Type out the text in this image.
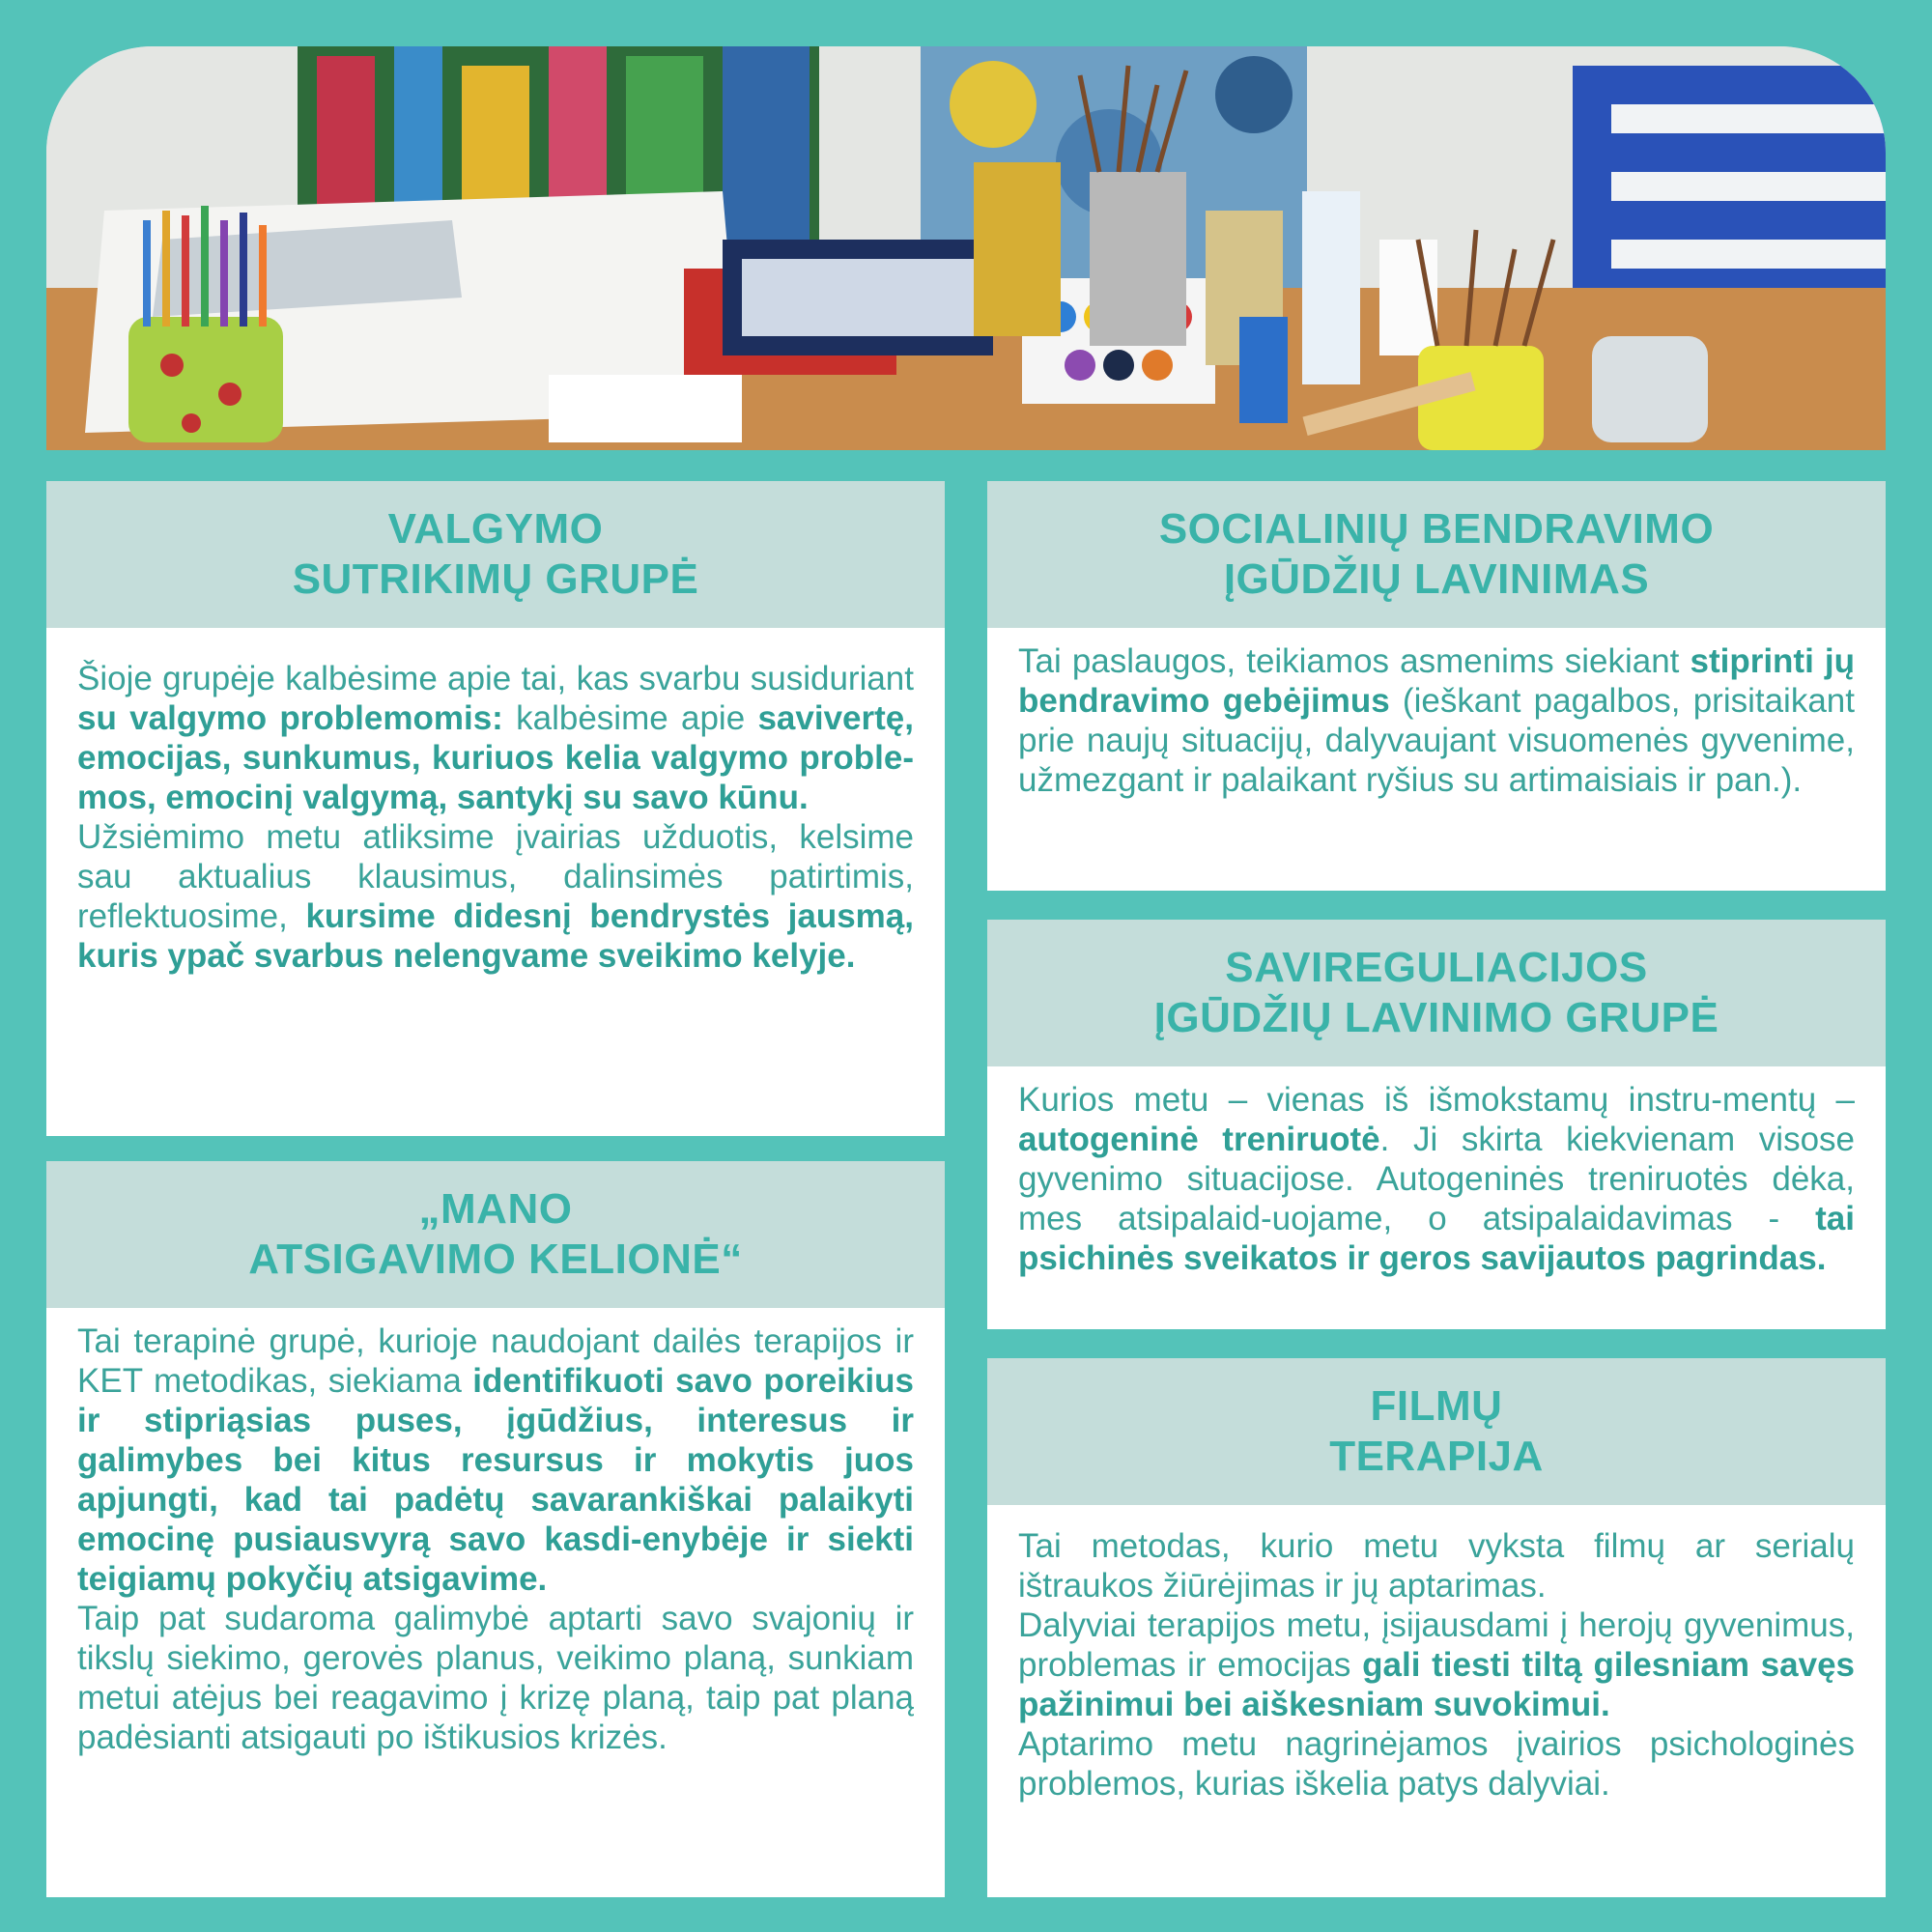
VALGYMO
SUTRIKIMŲ GRUPĖ

Šioje grupėje kalbėsime apie tai, kas svarbu susiduriant su valgymo problemomis: kalbėsime apie savivertę, emocijas, sunkumus, kuriuos kelia valgymo proble-mos, emocinį valgymą, santykį su savo kūnu.

Užsiėmimo metu atliksime įvairias užduotis, kelsime sau aktualius klausimus, dalinsimės patirtimis, reflektuosime, kursime didesnį bendrystės jausmą, kuris ypač svarbus nelengvame sveikimo kelyje.

„MANO
ATSIGAVIMO KELIONĖ“

Tai terapinė grupė, kurioje naudojant dailės terapijos ir KET metodikas, siekiama identifikuoti savo poreikius ir stipriąsias puses, įgūdžius, interesus ir galimybes bei kitus resursus ir mokytis juos apjungti, kad tai padėtų savarankiškai palaikyti emocinę pusiausvyrą savo kasdi-enybėje ir siekti teigiamų pokyčių atsigavime.

Taip pat sudaroma galimybė aptarti savo svajonių ir tikslų siekimo, gerovės planus, veikimo planą, sunkiam metui atėjus bei reagavimo į krizę planą, taip pat planą padėsianti atsigauti po ištikusios krizės.

SOCIALINIŲ BENDRAVIMO
ĮGŪDŽIŲ LAVINIMAS

Tai paslaugos, teikiamos asmenims siekiant stiprinti jų bendravimo gebėjimus (ieškant pagalbos, prisitaikant prie naujų situacijų, dalyvaujant visuomenės gyvenime, užmezgant ir palaikant ryšius su artimaisiais ir pan.).

SAVIREGULIACIJOS
ĮGŪDŽIŲ LAVINIMO GRUPĖ

Kurios metu – vienas iš išmokstamų instru-mentų – autogeninė treniruotė. Ji skirta kiekvienam visose gyvenimo situacijose. Autogeninės treniruotės dėka, mes atsipalaid-uojame, o atsipalaidavimas - tai psichinės sveikatos ir geros savijautos pagrindas.

FILMŲ
TERAPIJA

Tai metodas, kurio metu vyksta filmų ar serialų ištraukos žiūrėjimas ir jų aptarimas.

Dalyviai terapijos metu, įsijausdami į herojų gyvenimus, problemas ir emocijas gali tiesti tiltą gilesniam savęs pažinimui bei aiškesniam suvokimui.

Aptarimo metu nagrinėjamos įvairios psichologinės problemos, kurias iškelia patys dalyviai.
